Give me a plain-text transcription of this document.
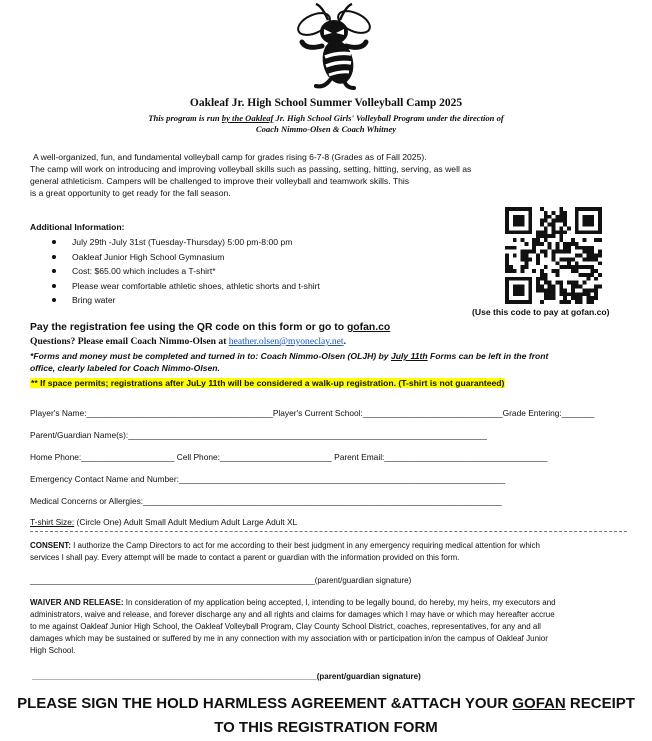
Oakleaf Jr. High School Summer Volleyball Camp 2025
This program is run by the Oakleaf Jr. High School Girls' Volleyball Program under the direction of
Coach Nimmo-Olsen & Coach Whitney
A well-organized, fun, and fundamental volleyball camp for grades rising 6-7-8 (Grades as of Fall 2025).
The camp will work on introducing and improving volleyball skills such as passing, setting, hitting, serving, as well as
general athleticism. Campers will be challenged to improve their volleyball and teamwork skills. This
is a great opportunity to get ready for the fall season.
Additional Information:
July 29th -July 31st (Tuesday-Thursday) 5:00 pm-8:00 pm
Oakleaf Junior High School Gymnasium
Cost: $65.00 which includes a T-shirt*
Please wear comfortable athletic shoes, athletic shorts and t-shirt
Bring water
(Use this code to pay at gofan.co)
Pay the registration fee using the QR code on this form or go to gofan.co
Questions? Please email Coach Nimmo-Olsen at heather.olsen@myoneclay.net.
*Forms and money must be completed and turned in to: Coach Nimmo-Olsen (OLJH) by July 11th Forms can be left in the front
office, clearly labeled for Coach Nimmo-Olsen.
** If space permits; registrations after JuLy 11th will be considered a walk-up registration. (T-shirt is not guaranteed)
Player's Name:________________________________________Player's Current School:______________________________Grade Entering:_______
Parent/Guardian Name(s):_____________________________________________________________________________
Home Phone:____________________ Cell Phone:________________________ Parent Email:___________________________________
Emergency Contact Name and Number:______________________________________________________________________
Medical Concerns or Allergies:_____________________________________________________________________________
T-shirt Size: (Circle One) Adult Small Adult Medium Adult Large Adult XL
CONSENT: I authorize the Camp Directors to act for me according to their best judgment in any emergency requiring medical attention for which
services I shall pay. Every attempt will be made to contact a parent or guardian with the information provided on this form.
________________________________________________________________(parent/guardian signature)
WAIVER AND RELEASE: In consideration of my application being accepted, I, intending to be legally bound, do hereby, my heirs, my executors and
administrators, waive and release, and forever discharge any and all rights and claims for damages which I may have or which may hereafter accrue
to me against Oakleaf Junior High School, the Oakleaf Volleyball Program, Clay County School District, coaches, representatives, for any and all
damages which may be sustained or suffered by me in any connection with my association with or participation in/on the campus of Oakleaf Junior
High School.
________________________________________________________________(parent/guardian signature)
PLEASE SIGN THE HOLD HARMLESS AGREEMENT &ATTACH YOUR GOFAN RECEIPT
TO THIS REGISTRATION FORM
